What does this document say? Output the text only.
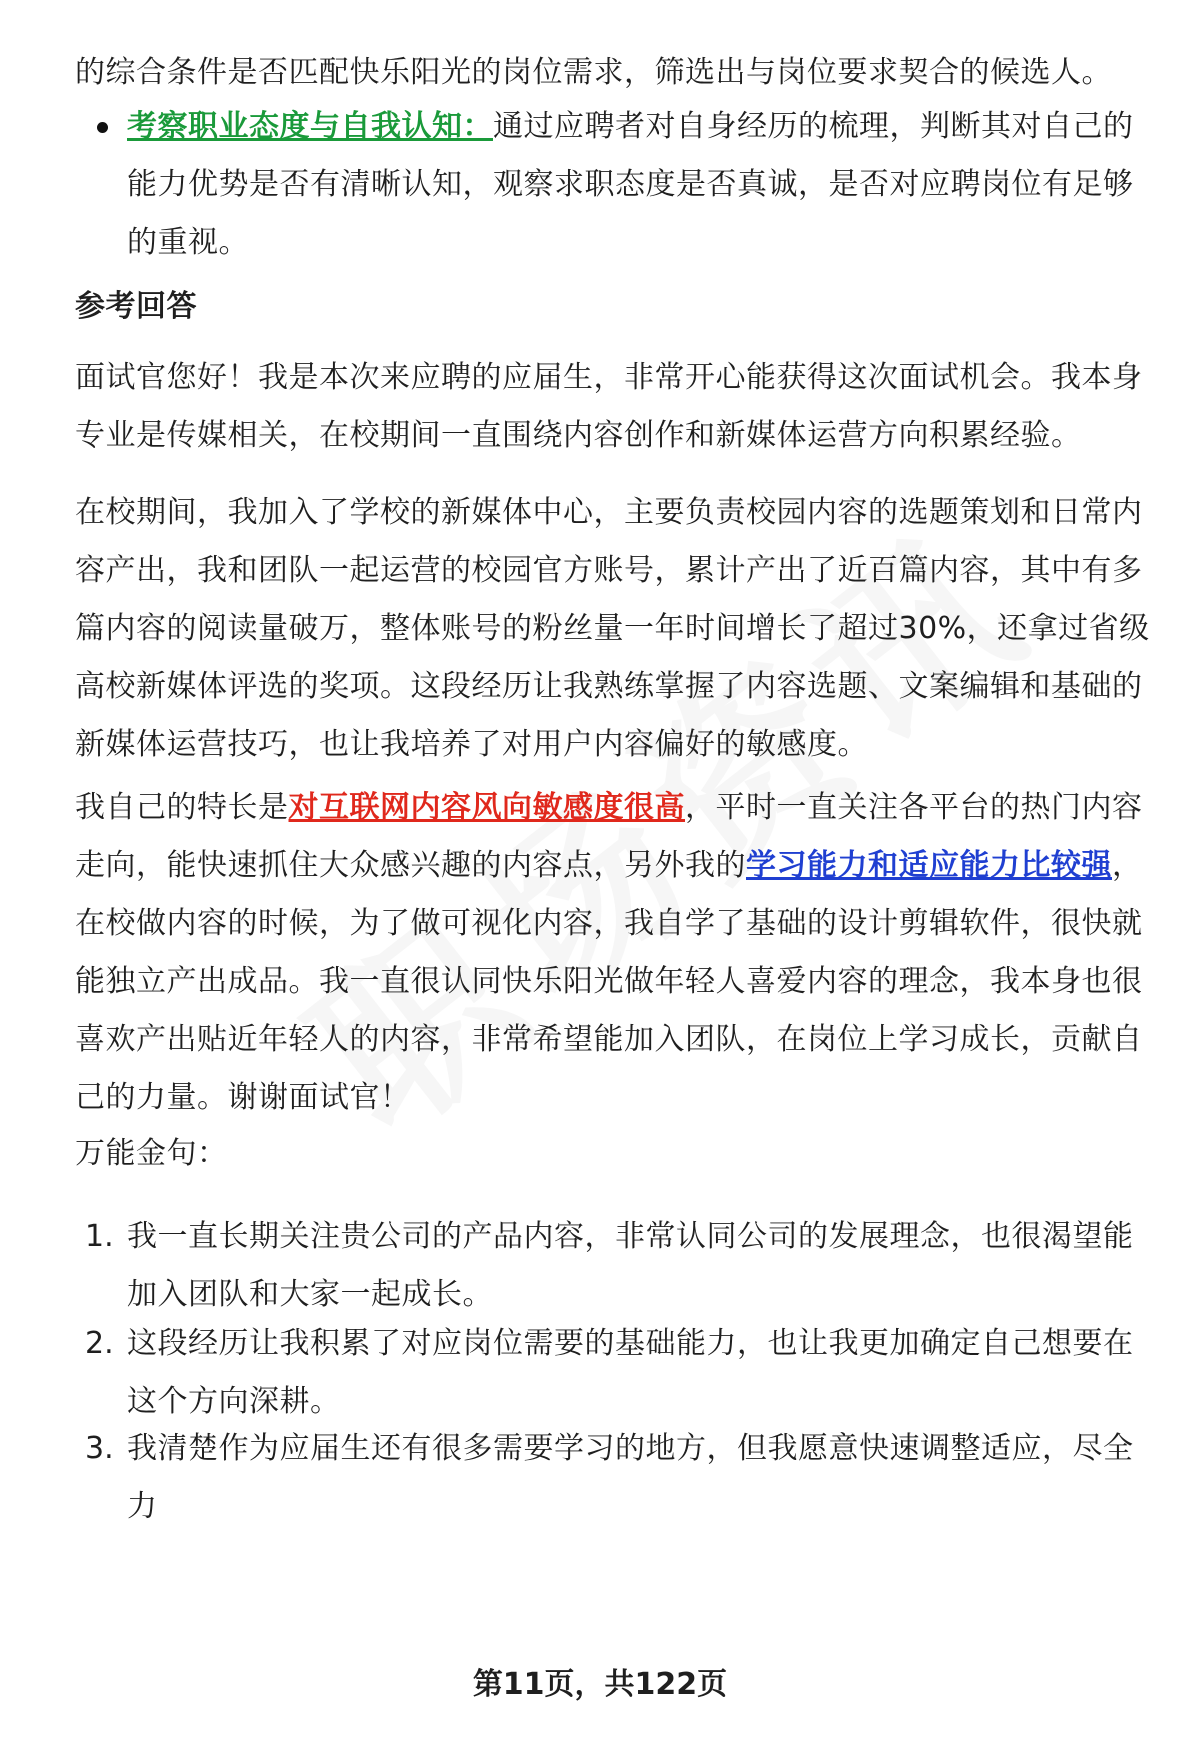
的综合条件是否匹配快乐阳光的岗位需求，筛选出与岗位要求契合的候选人。
考察职业态度与自我认知：通过应聘者对自身经历的梳理，判断其对自己的能力优势是否有清晰认知，观察求职态度是否真诚，是否对应聘岗位有足够的重视。
参考回答
面试官您好！我是本次来应聘的应届生，非常开心能获得这次面试机会。我本身专业是传媒相关，在校期间一直围绕内容创作和新媒体运营方向积累经验。
在校期间，我加入了学校的新媒体中心，主要负责校园内容的选题策划和日常内容产出，我和团队一起运营的校园官方账号，累计产出了近百篇内容，其中有多篇内容的阅读量破万，整体账号的粉丝量一年时间增长了超过30%，还拿过省级高校新媒体评选的奖项。这段经历让我熟练掌握了内容选题、文案编辑和基础的新媒体运营技巧，也让我培养了对用户内容偏好的敏感度。
我自己的特长是对互联网内容风向敏感度很高，平时一直关注各平台的热门内容走向，能快速抓住大众感兴趣的内容点，另外我的学习能力和适应能力比较强，在校做内容的时候，为了做可视化内容，我自学了基础的设计剪辑软件，很快就能独立产出成品。我一直很认同快乐阳光做年轻人喜爱内容的理念，我本身也很喜欢产出贴近年轻人的内容，非常希望能加入团队，在岗位上学习成长，贡献自己的力量。谢谢面试官！
万能金句：
1. 我一直长期关注贵公司的产品内容，非常认同公司的发展理念，也很渴望能加入团队和大家一起成长。
2. 这段经历让我积累了对应岗位需要的基础能力，也让我更加确定自己想要在这个方向深耕。
3. 我清楚作为应届生还有很多需要学习的地方，但我愿意快速调整适应，尽全力
第11页，共122页
